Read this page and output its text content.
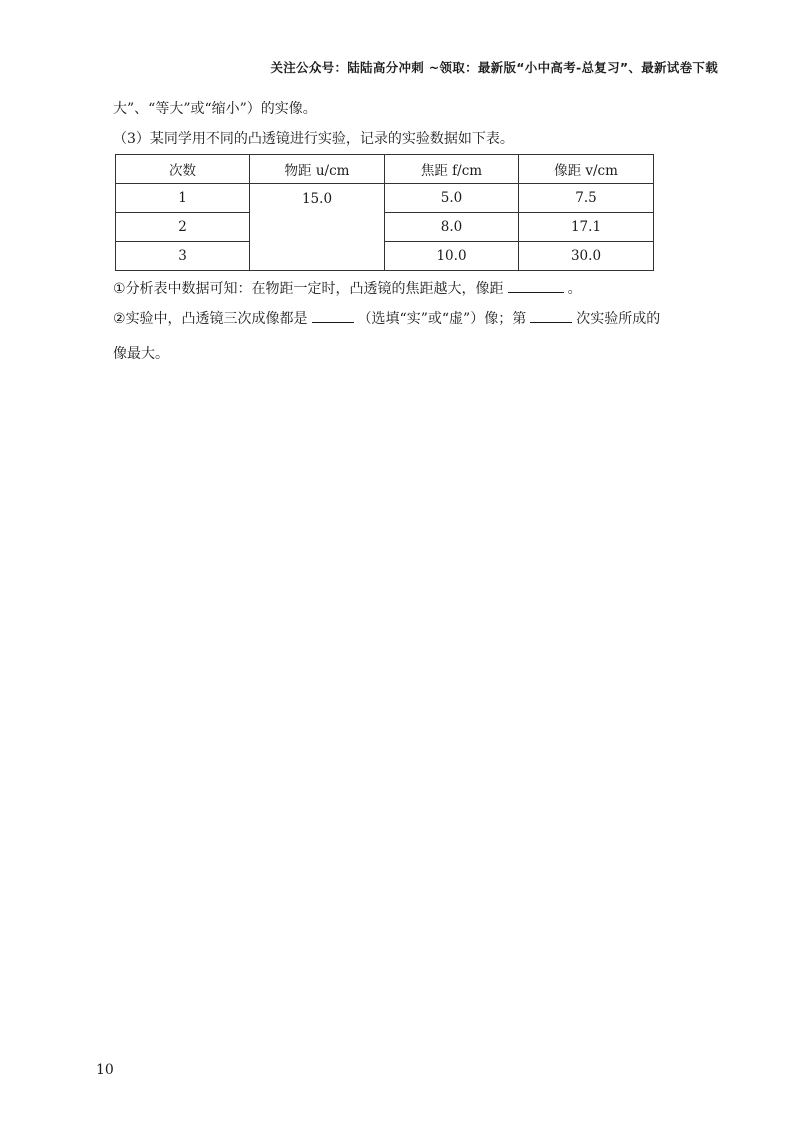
关注公众号：陆陆高分冲刺 ~领取：最新版“小中高考-总复习”、最新试卷下载
大”、“等大”或“缩小”）的实像。
（3）某同学用不同的凸透镜进行实验，记录的实验数据如下表。
次数	物距 u/cm	焦距 f/cm	像距 v/cm
1	15.0	5.0	7.5
2		8.0	17.1
3		10.0	30.0
①分析表中数据可知：在物距一定时，凸透镜的焦距越大，像距	。
②实验中，凸透镜三次成像都是	（选填“实”或“虚”）像；第	次实验所成的
像最大。
10
